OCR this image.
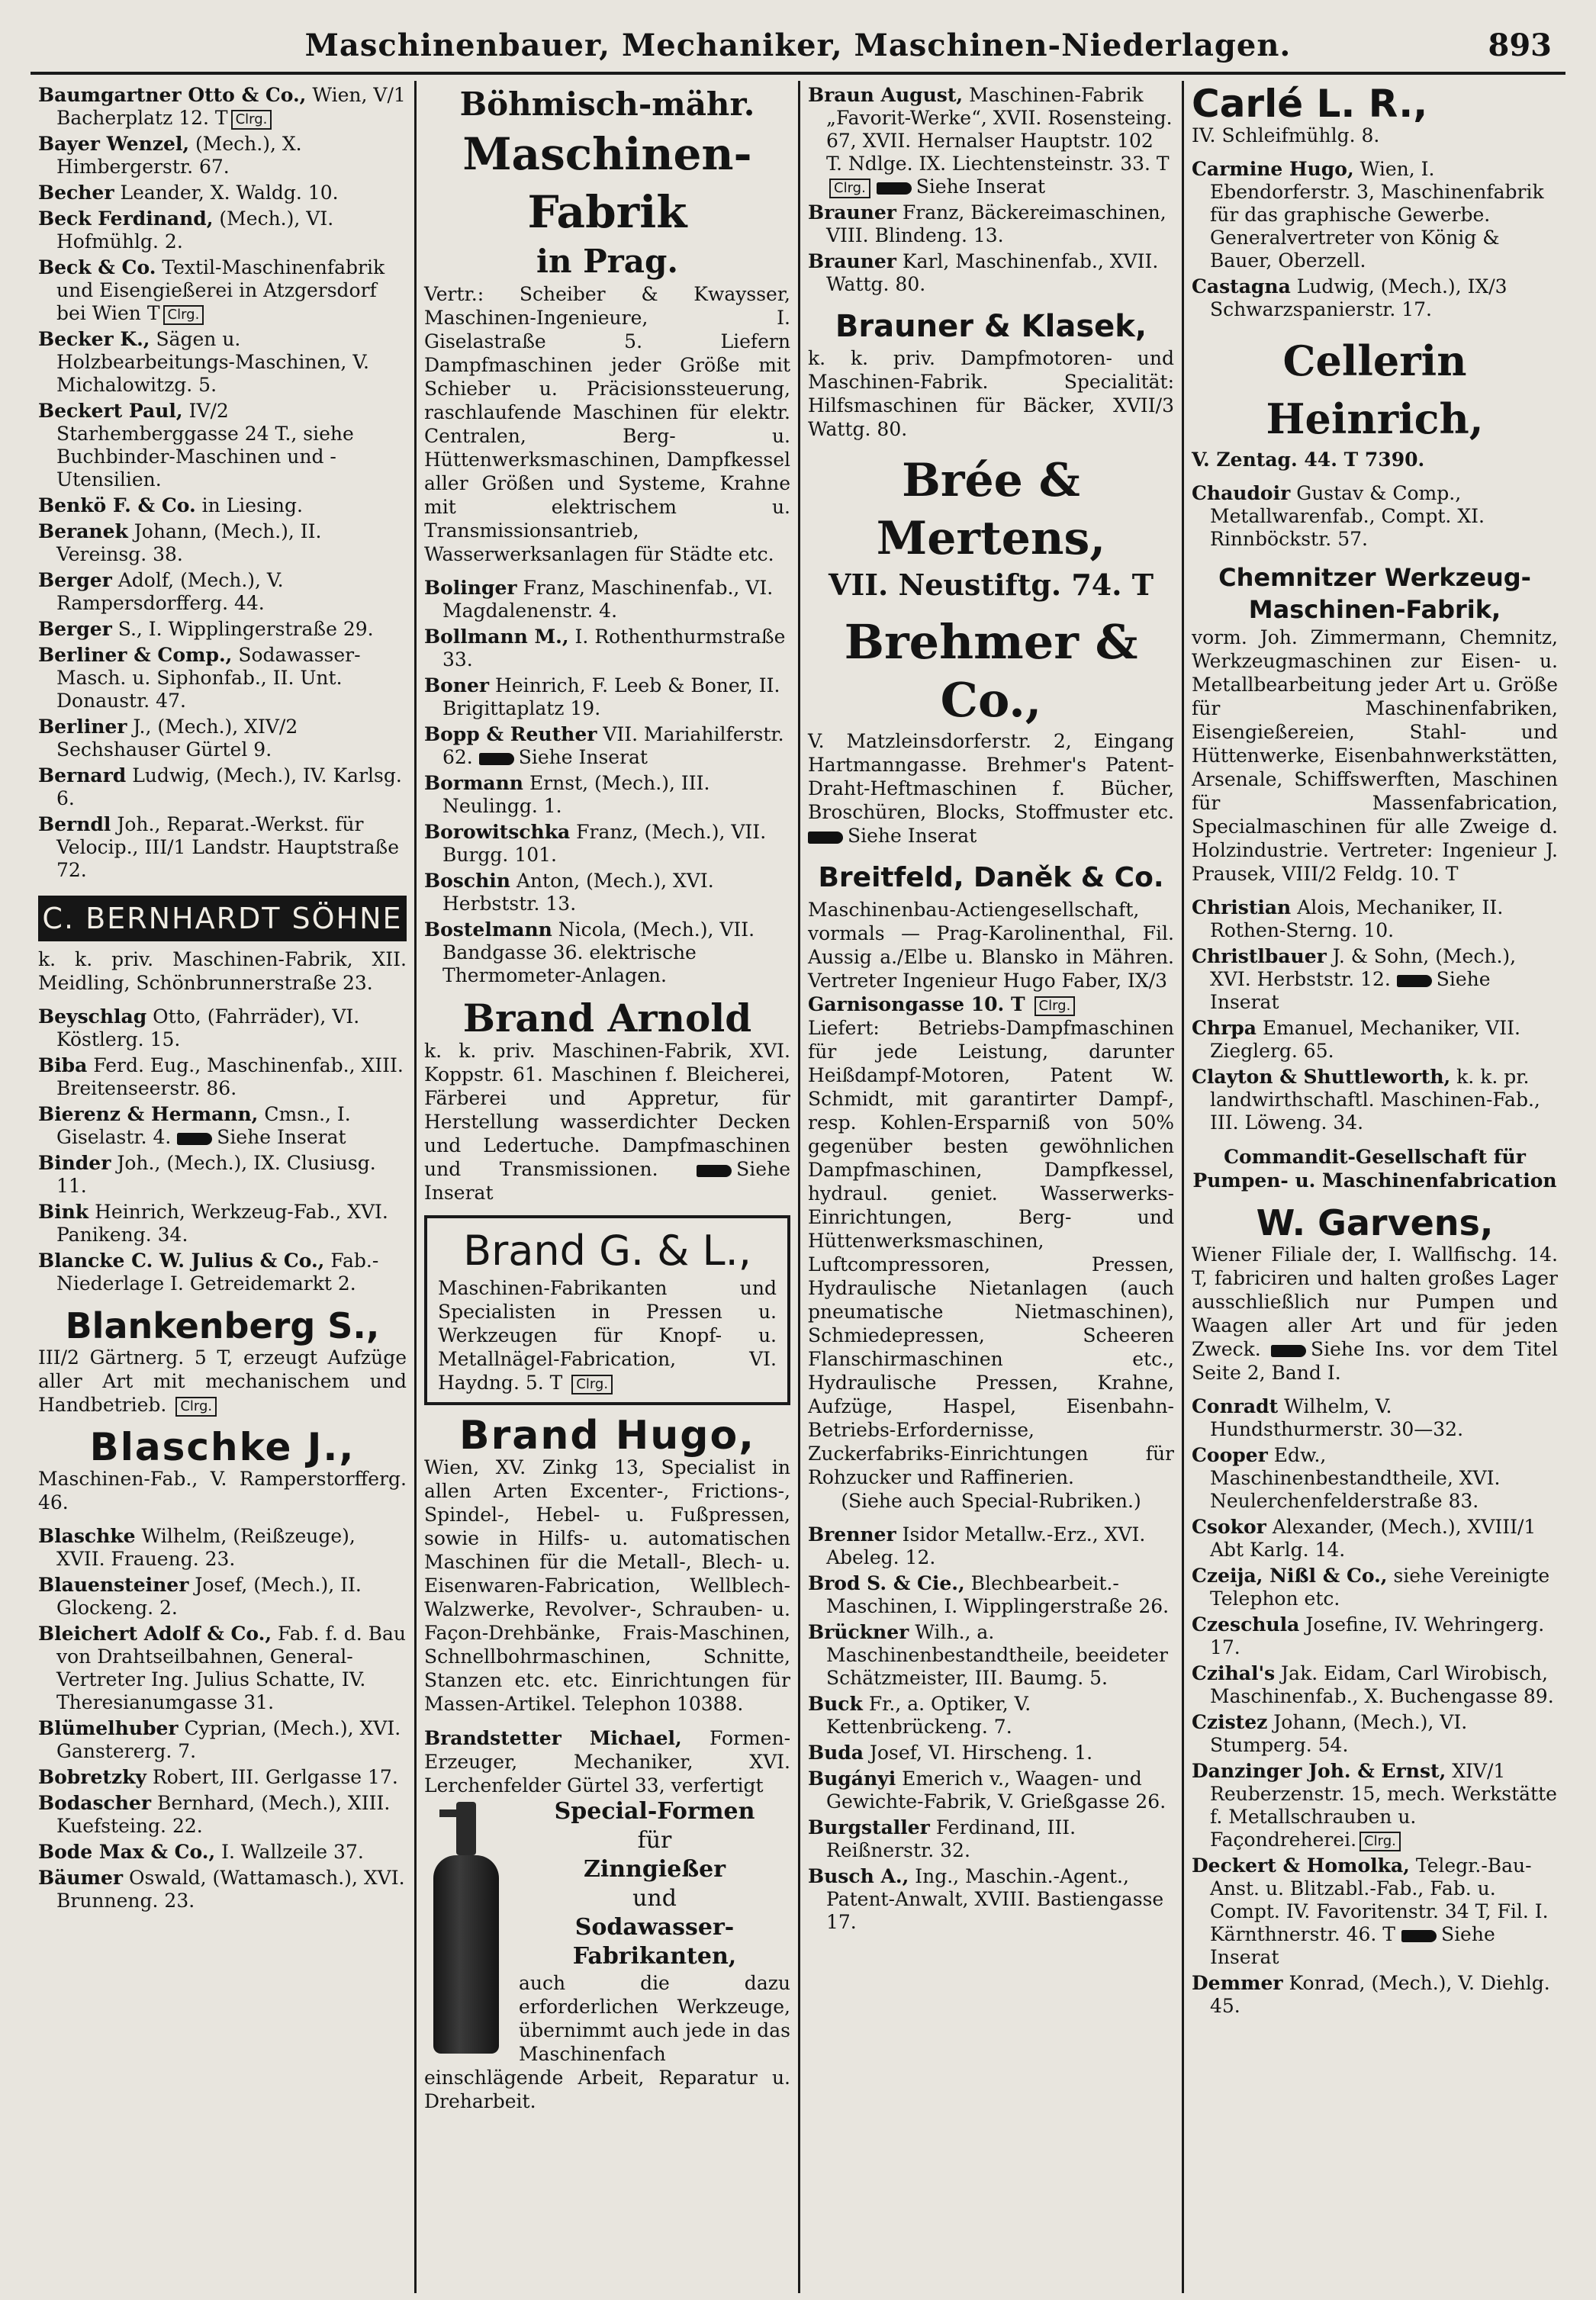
Maschinenbauer, Mechaniker, Maschinen-Niederlagen.	893
Baumgartner Otto & Co., Wien, V/1 Bacherplatz 12. T Clrg.
Bayer Wenzel, (Mech.), X. Himbergerstr. 67.
Becher Leander, X. Waldg. 10.
Beck Ferdinand, (Mech.), VI. Hofmühlg. 2.
Beck & Co. Textil-Maschinenfabrik und Eisengießerei in Atzgersdorf bei Wien T Clrg.
Becker K., Sägen u. Holzbearbeitungs-Maschinen, V. Michalowitzg. 5.
Beckert Paul, IV/2 Starhemberggasse 24 T., siehe Buchbinder-Maschinen und -Utensilien.
Benkö F. & Co. in Liesing.
Beranek Johann, (Mech.), II. Vereinsg. 38.
Berger Adolf, (Mech.), V. Rampersdorfferg. 44.
Berger S., I. Wipplingerstraße 29.
Berliner & Comp., Sodawasser-Masch. u. Siphonfab., II. Unt. Donaustr. 47.
Berliner J., (Mech.), XIV/2 Sechshauser Gürtel 9.
Bernard Ludwig, (Mech.), IV. Karlsg. 6.
Berndl Joh., Reparat.-Werkst. für Velocip., III/1 Landstr. Hauptstraße 72.
C. BERNHARDT SÖHNE
k. k. priv. Maschinen-Fabrik, XII. Meidling, Schönbrunnerstraße 23.
Beyschlag Otto, (Fahrräder), VI. Köstlerg. 15.
Biba Ferd. Eug., Maschinenfab., XIII. Breitenseerstr. 86.
Bierenz & Hermann, Cmsn., I. Giselastr. 4. Siehe Inserat
Binder Joh., (Mech.), IX. Clusiusg. 11.
Bink Heinrich, Werkzeug-Fab., XVI. Panikeng. 34.
Blancke C. W. Julius & Co., Fab.-Niederlage I. Getreidemarkt 2.
Blankenberg S.,
III/2 Gärtnerg. 5 T, erzeugt Aufzüge aller Art mit mechanischem und Handbetrieb. Clrg.
Blaschke J.,
Maschinen-Fab., V. Ramperstorfferg. 46.
Blaschke Wilhelm, (Reißzeuge), XVII. Fraueng. 23.
Blauensteiner Josef, (Mech.), II. Glockeng. 2.
Bleichert Adolf & Co., Fab. f. d. Bau von Drahtseilbahnen, General-Vertreter Ing. Julius Schatte, IV. Theresianumgasse 31.
Blümelhuber Cyprian, (Mech.), XVI. Ganstererg. 7.
Bobretzky Robert, III. Gerlgasse 17.
Bodascher Bernhard, (Mech.), XIII. Kuefsteing. 22.
Bode Max & Co., I. Wallzeile 37.
Bäumer Oswald, (Wattamasch.), XVI. Brunneng. 23.
Böhmisch-mähr.
Maschinen-Fabrik
in Prag.
Vertr.: Scheiber & Kwaysser, Maschinen-Ingenieure, I. Giselastraße 5. Liefern Dampfmaschinen jeder Größe mit Schieber u. Präcisionssteuerung, raschlaufende Maschinen für elektr. Centralen, Berg- u. Hüttenwerksmaschinen, Dampfkessel aller Größen und Systeme, Krahne mit elektrischem u. Transmissionsantrieb, Wasserwerksanlagen für Städte etc.
Bolinger Franz, Maschinenfab., VI. Magdalenenstr. 4.
Bollmann M., I. Rothenthurmstraße 33.
Boner Heinrich, F. Leeb & Boner, II. Brigittaplatz 19.
Bopp & Reuther VII. Mariahilferstr. 62. Siehe Inserat
Bormann Ernst, (Mech.), III. Neulingg. 1.
Borowitschka Franz, (Mech.), VII. Burgg. 101.
Boschin Anton, (Mech.), XVI. Herbststr. 13.
Bostelmann Nicola, (Mech.), VII. Bandgasse 36. elektrische Thermometer-Anlagen.
Brand Arnold
k. k. priv. Maschinen-Fabrik, XVI. Koppstr. 61. Maschinen f. Bleicherei, Färberei und Appretur, für Herstellung wasserdichter Decken und Ledertuche. Dampfmaschinen und Transmissionen.	Siehe Inserat
Brand G. & L.,
Maschinen-Fabrikanten und Specialisten in Pressen u. Werkzeugen für Knopf- u. Metallnägel-Fabrication, VI. Haydng. 5. T Clrg.
Brand Hugo,
Wien, XV. Zinkg 13, Specialist in allen Arten Excenter-, Frictions-, Spindel-, Hebel- u. Fußpressen, sowie in Hilfs- u. automatischen Maschinen für die Metall-, Blech- u. Eisenwaren-Fabrication, Wellblech-Walzwerke, Revolver-, Schrauben- u. Façon-Drehbänke, Frais-Maschinen, Schnellbohrmaschinen, Schnitte, Stanzen etc. etc. Einrichtungen für Massen-Artikel. Telephon 10388.
Brandstetter Michael, Formen-Erzeuger, Mechaniker, XVI. Lerchenfelder Gürtel 33, verfertigt
Special-Formen
für
Zinngießer
und
Sodawasser-Fabrikanten,
auch die dazu erforderlichen Werkzeuge, übernimmt auch jede in das Maschinenfach einschlägende Arbeit, Reparatur u. Dreharbeit.
Braun August, Maschinen-Fabrik „Favorit-Werke“, XVII. Rosensteing. 67, XVII. Hernalser Hauptstr. 102 T. Ndlge. IX. Liechtensteinstr. 33. TClrg.	Siehe Inserat
Brauner Franz, Bäckereimaschinen, VIII. Blindeng. 13.
Brauner Karl, Maschinenfab., XVII. Wattg. 80.
Brauner & Klasek,
k. k. priv. Dampfmotoren- und Maschinen-Fabrik. Specialität: Hilfsmaschinen für Bäcker, XVII/3 Wattg. 80.
Brée & Mertens,
VII. Neustiftg. 74. T
Brehmer & Co.,
V. Matzleinsdorferstr. 2, Eingang Hartmanngasse. Brehmer's Patent-Draht-Heftmaschinen f. Bücher, Broschüren, Blocks, Stoffmuster etc. Siehe Inserat
Breitfeld, Daněk & Co.
Maschinenbau-Actiengesellschaft, vormals — Prag-Karolinenthal, Fil. Aussig a./Elbe u. Blansko in Mähren. Vertreter Ingenieur Hugo Faber, IX/3
Garnisongasse 10. T Clrg.
Liefert: Betriebs-Dampfmaschinen für jede Leistung, darunter Heißdampf-Motoren, Patent W. Schmidt, mit garantirter Dampf-, resp. Kohlen-Ersparniß von 50% gegenüber besten gewöhnlichen Dampfmaschinen, Dampfkessel, hydraul. geniet. Wasserwerks-Einrichtungen, Berg- und Hüttenwerksmaschinen, Luftcompressoren, Pressen, Hydraulische Nietanlagen (auch pneumatische Nietmaschinen), Schmiedepressen, Scheeren Flanschirmaschinen etc., Hydraulische Pressen, Krahne, Aufzüge, Haspel, Eisenbahn-Betriebs-Erfordernisse, Zuckerfabriks-Einrichtungen für Rohzucker und Raffinerien.
(Siehe auch Special-Rubriken.)
Brenner Isidor Metallw.-Erz., XVI. Abeleg. 12.
Brod S. & Cie., Blechbearbeit.-Maschinen, I. Wipplingerstraße 26.
Brückner Wilh., a. Maschinenbestandtheile, beeideter Schätzmeister, III. Baumg. 5.
Buck Fr., a. Optiker, V. Kettenbrückeng. 7.
Buda Josef, VI. Hirscheng. 1.
Bugányi Emerich v., Waagen- und Gewichte-Fabrik, V. Grießgasse 26.
Burgstaller Ferdinand, III. Reißnerstr. 32.
Busch A., Ing., Maschin.-Agent., Patent-Anwalt, XVIII. Bastiengasse 17.
Carlé L. R.,
IV. Schleifmühlg. 8.
Carmine Hugo, Wien, I. Ebendorferstr. 3, Maschinenfabrik für das graphische Gewerbe. Generalvertreter von König & Bauer, Oberzell.
Castagna Ludwig, (Mech.), IX/3 Schwarzspanierstr. 17.
Cellerin Heinrich,
V. Zentag. 44. T 7390.
Chaudoir Gustav & Comp., Metallwarenfab., Compt. XI. Rinnböckstr. 57.
Chemnitzer Werkzeug-
Maschinen-Fabrik,
vorm. Joh. Zimmermann, Chemnitz, Werkzeugmaschinen zur Eisen- u. Metallbearbeitung jeder Art u. Größe für Maschinenfabriken, Eisengießereien, Stahl- und Hüttenwerke, Eisenbahnwerkstätten, Arsenale, Schiffswerften, Maschinen für Massenfabrication, Specialmaschinen für alle Zweige d. Holzindustrie. Vertreter: Ingenieur J. Prausek, VIII/2 Feldg. 10. T
Christian Alois, Mechaniker, II. Rothen-Sterng. 10.
Christlbauer J. & Sohn, (Mech.), XVI. Herbststr. 12. Siehe Inserat
Chrpa Emanuel, Mechaniker, VII. Zieglerg. 65.
Clayton & Shuttleworth, k. k. pr. landwirthschaftl. Maschinen-Fab., III. Löweng. 34.
Commandit-Gesellschaft für Pumpen- u. Maschinenfabrication
W. Garvens,
Wiener Filiale der, I. Wallfischg. 14. T, fabriciren und halten großes Lager ausschließlich nur Pumpen und Waagen aller Art und für jeden Zweck.	Siehe Ins. vor dem Titel Seite 2, Band I.
Conradt Wilhelm, V. Hundsthurmerstr. 30—32.
Cooper Edw., Maschinenbestandtheile, XVI. Neulerchenfelderstraße 83.
Csokor Alexander, (Mech.), XVIII/1 Abt Karlg. 14.
Czeija, Nißl & Co., siehe Vereinigte Telephon etc.
Czeschula Josefine, IV. Wehringerg. 17.
Czihal's Jak. Eidam, Carl Wirobisch, Maschinenfab., X. Buchengasse 89.
Czistez Johann, (Mech.), VI. Stumperg. 54.
Danzinger Joh. & Ernst, XIV/1 Reuberzenstr. 15, mech. Werkstätte f. Metallschrauben u. Façondreherei. Clrg.
Deckert & Homolka, Telegr.-Bau-Anst. u. Blitzabl.-Fab., Fab. u. Compt. IV. Favoritenstr. 34 T, Fil. I. Kärnthnerstr. 46. T Siehe Inserat
Demmer Konrad, (Mech.), V. Diehlg. 45.
